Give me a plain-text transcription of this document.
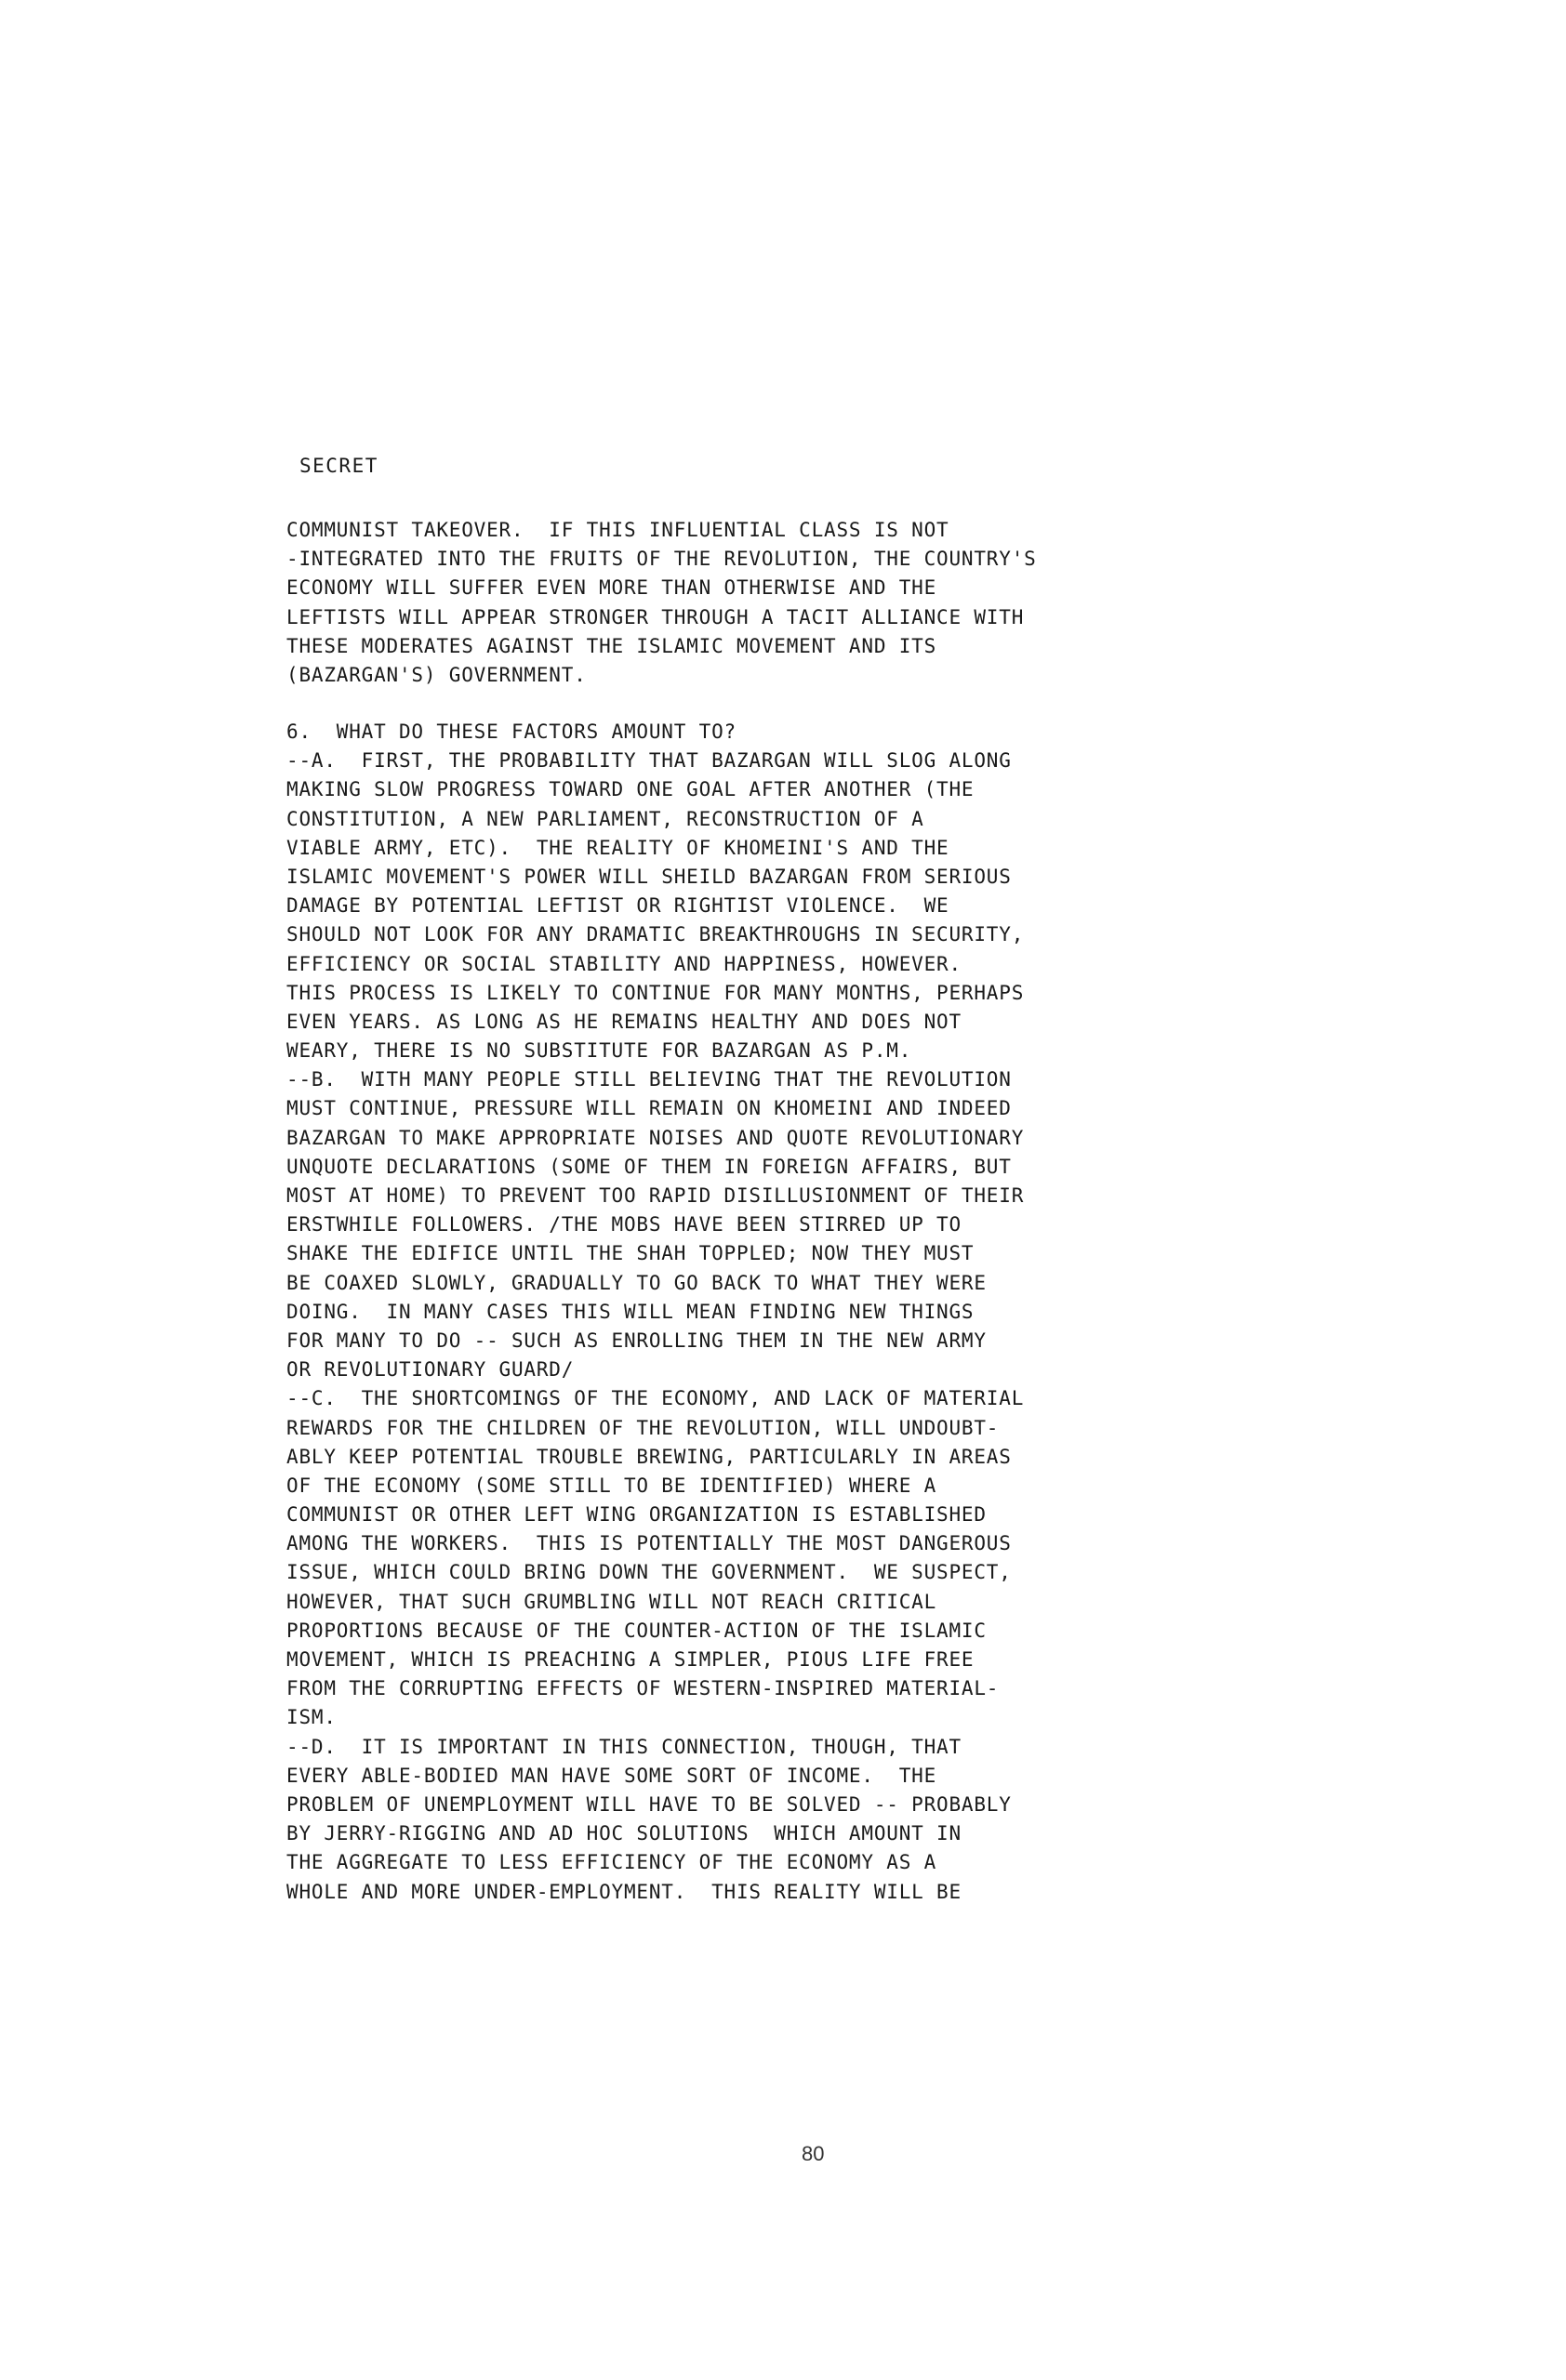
SECRET
COMMUNIST TAKEOVER.  IF THIS INFLUENTIAL CLASS IS NOT
-INTEGRATED INTO THE FRUITS OF THE REVOLUTION, THE COUNTRY'S
ECONOMY WILL SUFFER EVEN MORE THAN OTHERWISE AND THE
LEFTISTS WILL APPEAR STRONGER THROUGH A TACIT ALLIANCE WITH
THESE MODERATES AGAINST THE ISLAMIC MOVEMENT AND ITS
(BAZARGAN'S) GOVERNMENT.
6.  WHAT DO THESE FACTORS AMOUNT TO?
--A.  FIRST, THE PROBABILITY THAT BAZARGAN WILL SLOG ALONG
MAKING SLOW PROGRESS TOWARD ONE GOAL AFTER ANOTHER (THE
CONSTITUTION, A NEW PARLIAMENT, RECONSTRUCTION OF A
VIABLE ARMY, ETC).  THE REALITY OF KHOMEINI'S AND THE
ISLAMIC MOVEMENT'S POWER WILL SHEILD BAZARGAN FROM SERIOUS
DAMAGE BY POTENTIAL LEFTIST OR RIGHTIST VIOLENCE.  WE
SHOULD NOT LOOK FOR ANY DRAMATIC BREAKTHROUGHS IN SECURITY,
EFFICIENCY OR SOCIAL STABILITY AND HAPPINESS, HOWEVER.
THIS PROCESS IS LIKELY TO CONTINUE FOR MANY MONTHS, PERHAPS
EVEN YEARS. AS LONG AS HE REMAINS HEALTHY AND DOES NOT
WEARY, THERE IS NO SUBSTITUTE FOR BAZARGAN AS P.M.
--B.  WITH MANY PEOPLE STILL BELIEVING THAT THE REVOLUTION
MUST CONTINUE, PRESSURE WILL REMAIN ON KHOMEINI AND INDEED
BAZARGAN TO MAKE APPROPRIATE NOISES AND QUOTE REVOLUTIONARY
UNQUOTE DECLARATIONS (SOME OF THEM IN FOREIGN AFFAIRS, BUT
MOST AT HOME) TO PREVENT TOO RAPID DISILLUSIONMENT OF THEIR
ERSTWHILE FOLLOWERS. /THE MOBS HAVE BEEN STIRRED UP TO
SHAKE THE EDIFICE UNTIL THE SHAH TOPPLED; NOW THEY MUST
BE COAXED SLOWLY, GRADUALLY TO GO BACK TO WHAT THEY WERE
DOING.  IN MANY CASES THIS WILL MEAN FINDING NEW THINGS
FOR MANY TO DO -- SUCH AS ENROLLING THEM IN THE NEW ARMY
OR REVOLUTIONARY GUARD/
--C.  THE SHORTCOMINGS OF THE ECONOMY, AND LACK OF MATERIAL
REWARDS FOR THE CHILDREN OF THE REVOLUTION, WILL UNDOUBT-
ABLY KEEP POTENTIAL TROUBLE BREWING, PARTICULARLY IN AREAS
OF THE ECONOMY (SOME STILL TO BE IDENTIFIED) WHERE A
COMMUNIST OR OTHER LEFT WING ORGANIZATION IS ESTABLISHED
AMONG THE WORKERS.  THIS IS POTENTIALLY THE MOST DANGEROUS
ISSUE, WHICH COULD BRING DOWN THE GOVERNMENT.  WE SUSPECT,
HOWEVER, THAT SUCH GRUMBLING WILL NOT REACH CRITICAL
PROPORTIONS BECAUSE OF THE COUNTER-ACTION OF THE ISLAMIC
MOVEMENT, WHICH IS PREACHING A SIMPLER, PIOUS LIFE FREE
FROM THE CORRUPTING EFFECTS OF WESTERN-INSPIRED MATERIAL-
ISM.
--D.  IT IS IMPORTANT IN THIS CONNECTION, THOUGH, THAT
EVERY ABLE-BODIED MAN HAVE SOME SORT OF INCOME.  THE
PROBLEM OF UNEMPLOYMENT WILL HAVE TO BE SOLVED -- PROBABLY
BY JERRY-RIGGING AND AD HOC SOLUTIONS  WHICH AMOUNT IN
THE AGGREGATE TO LESS EFFICIENCY OF THE ECONOMY AS A
WHOLE AND MORE UNDER-EMPLOYMENT.  THIS REALITY WILL BE
80
